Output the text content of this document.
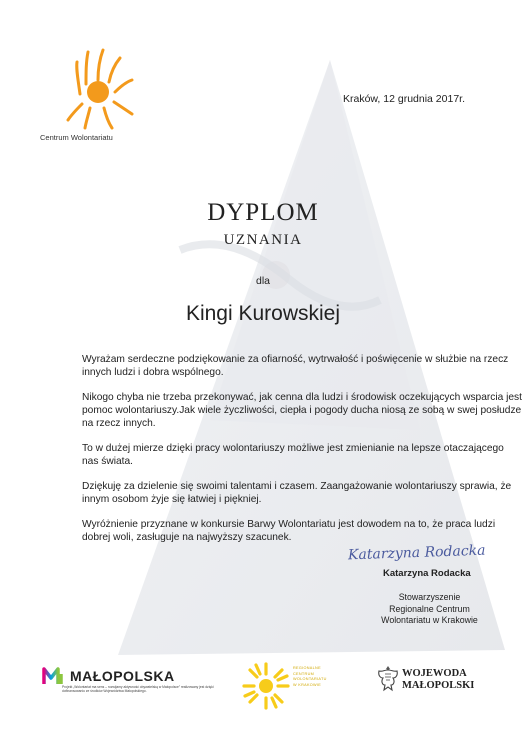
Centrum Wolontariatu
Kraków, 12 grudnia 2017r.
DYPLOM
UZNANIA
dla
Kingi Kurowskiej

Wyrażam serdeczne podziękowanie za ofiarność, wytrwałość i poświęcenie w służbie na rzecz innych ludzi i dobra wspólnego.

Nikogo chyba nie trzeba przekonywać, jak cenna dla ludzi i środowisk oczekujących wsparcia jest pomoc wolontariuszy.Jak wiele życzliwości, ciepła i pogody ducha niosą ze sobą w swej posłudze na rzecz innych.

To w dużej mierze dzięki pracy wolontariuszy możliwe jest zmienianie na lepsze otaczającego nas świata.

Dziękuję za dzielenie się swoimi talentami i czasem. Zaangażowanie wolontariuszy sprawia, że innym osobom żyje się łatwiej i piękniej.

Wyróżnienie przyznane w konkursie Barwy Wolontariatu jest dowodem na to, że praca ludzi dobrej woli, zasługuje na najwyższy szacunek.

Katarzyna Rodacka
Katarzyna Rodacka
Stowarzyszenie
Regionalne Centrum
Wolontariatu w Krakowie
MAŁOPOLSKA
Projekt „Wolontariat ma sens – rozwijamy aktywność obywatelską w Małopolsce” realizowany jest dzięki dofinansowaniu ze środków Województwa Małopolskiego.
REGIONALNE
CENTRUM
WOLONTARIATU
W KRAKOWIE
WOJEWODA
MAŁOPOLSKI
